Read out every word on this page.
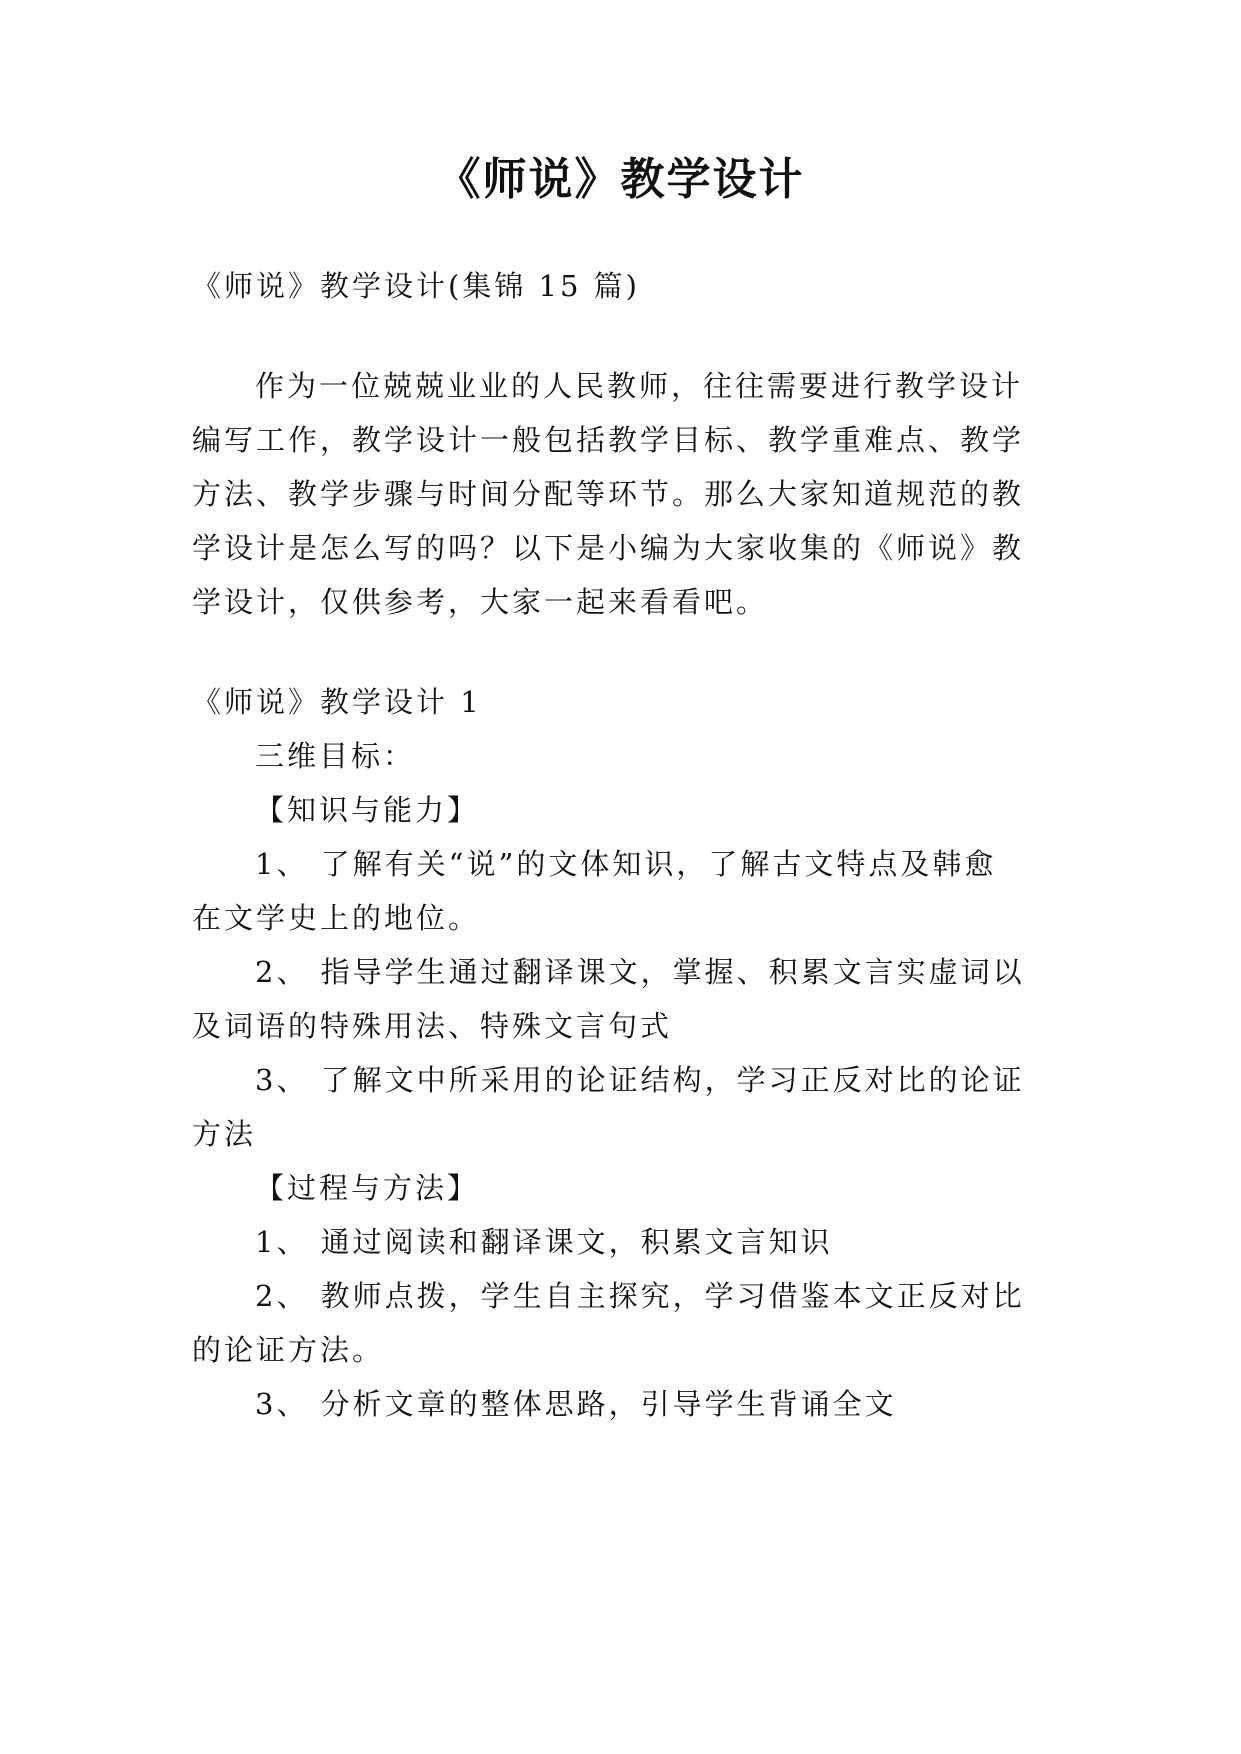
《师说》教学设计
《师说》教学设计(集锦 15 篇)
作为一位兢兢业业的人民教师，往往需要进行教学设计
编写工作，教学设计一般包括教学目标、教学重难点、教学
方法、教学步骤与时间分配等环节。那么大家知道规范的教
学设计是怎么写的吗？以下是小编为大家收集的《师说》教
学设计，仅供参考，大家一起来看看吧。
《师说》教学设计 1
三维目标：
【知识与能力】
1、 了解有关“说”的文体知识，了解古文特点及韩愈
在文学史上的地位。
2、 指导学生通过翻译课文，掌握、积累文言实虚词以
及词语的特殊用法、特殊文言句式
3、 了解文中所采用的论证结构，学习正反对比的论证
方法
【过程与方法】
1、 通过阅读和翻译课文，积累文言知识
2、 教师点拨，学生自主探究，学习借鉴本文正反对比
的论证方法。
3、 分析文章的整体思路，引导学生背诵全文
